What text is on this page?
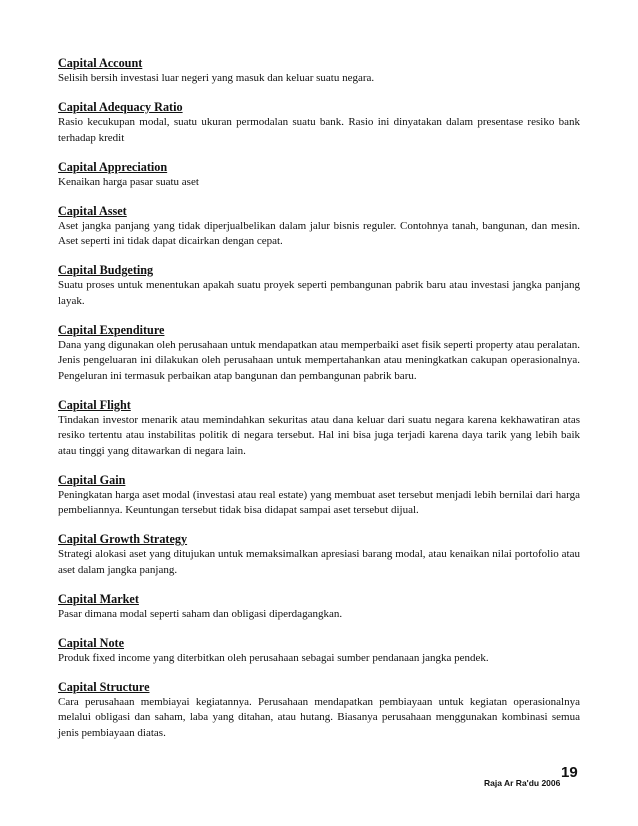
Capital Account

Selisih bersih investasi luar negeri yang masuk dan keluar suatu negara.

Capital Adequacy Ratio

Rasio kecukupan modal, suatu ukuran permodalan suatu bank. Rasio ini dinyatakan dalam presentase resiko bank terhadap kredit

Capital Appreciation

Kenaikan harga pasar suatu aset

Capital Asset

Aset jangka panjang yang tidak diperjualbelikan dalam jalur bisnis reguler. Contohnya tanah, bangunan, dan mesin. Aset seperti ini tidak dapat dicairkan dengan cepat.

Capital Budgeting

Suatu proses untuk menentukan apakah suatu proyek seperti pembangunan pabrik baru atau investasi jangka panjang layak.

Capital Expenditure

Dana yang digunakan oleh perusahaan untuk mendapatkan atau memperbaiki aset fisik seperti property atau peralatan. Jenis pengeluaran ini dilakukan oleh perusahaan untuk mempertahankan atau meningkatkan cakupan operasionalnya. Pengeluran ini termasuk perbaikan atap bangunan dan pembangunan pabrik baru.

Capital Flight

Tindakan investor menarik atau memindahkan sekuritas atau dana keluar dari suatu negara karena kekhawatiran atas resiko tertentu atau instabilitas politik di negara tersebut. Hal ini bisa juga terjadi karena daya tarik yang lebih baik atau tinggi yang ditawarkan di negara lain.

Capital Gain

Peningkatan harga aset modal (investasi atau real estate) yang membuat aset tersebut menjadi lebih bernilai dari harga pembeliannya. Keuntungan tersebut tidak bisa didapat sampai aset tersebut dijual.

Capital Growth Strategy

Strategi alokasi aset yang ditujukan untuk memaksimalkan apresiasi barang modal, atau kenaikan nilai portofolio atau aset dalam jangka panjang.

Capital Market

Pasar dimana modal seperti saham dan obligasi diperdagangkan.

Capital Note

Produk fixed income yang diterbitkan oleh perusahaan sebagai sumber pendanaan jangka pendek.

Capital Structure

Cara perusahaan membiayai kegiatannya. Perusahaan mendapatkan pembiayaan untuk kegiatan operasionalnya melalui obligasi dan saham, laba yang ditahan, atau hutang. Biasanya perusahaan menggunakan kombinasi semua jenis pembiayaan diatas.

19
Raja Ar Ra'du 2006
